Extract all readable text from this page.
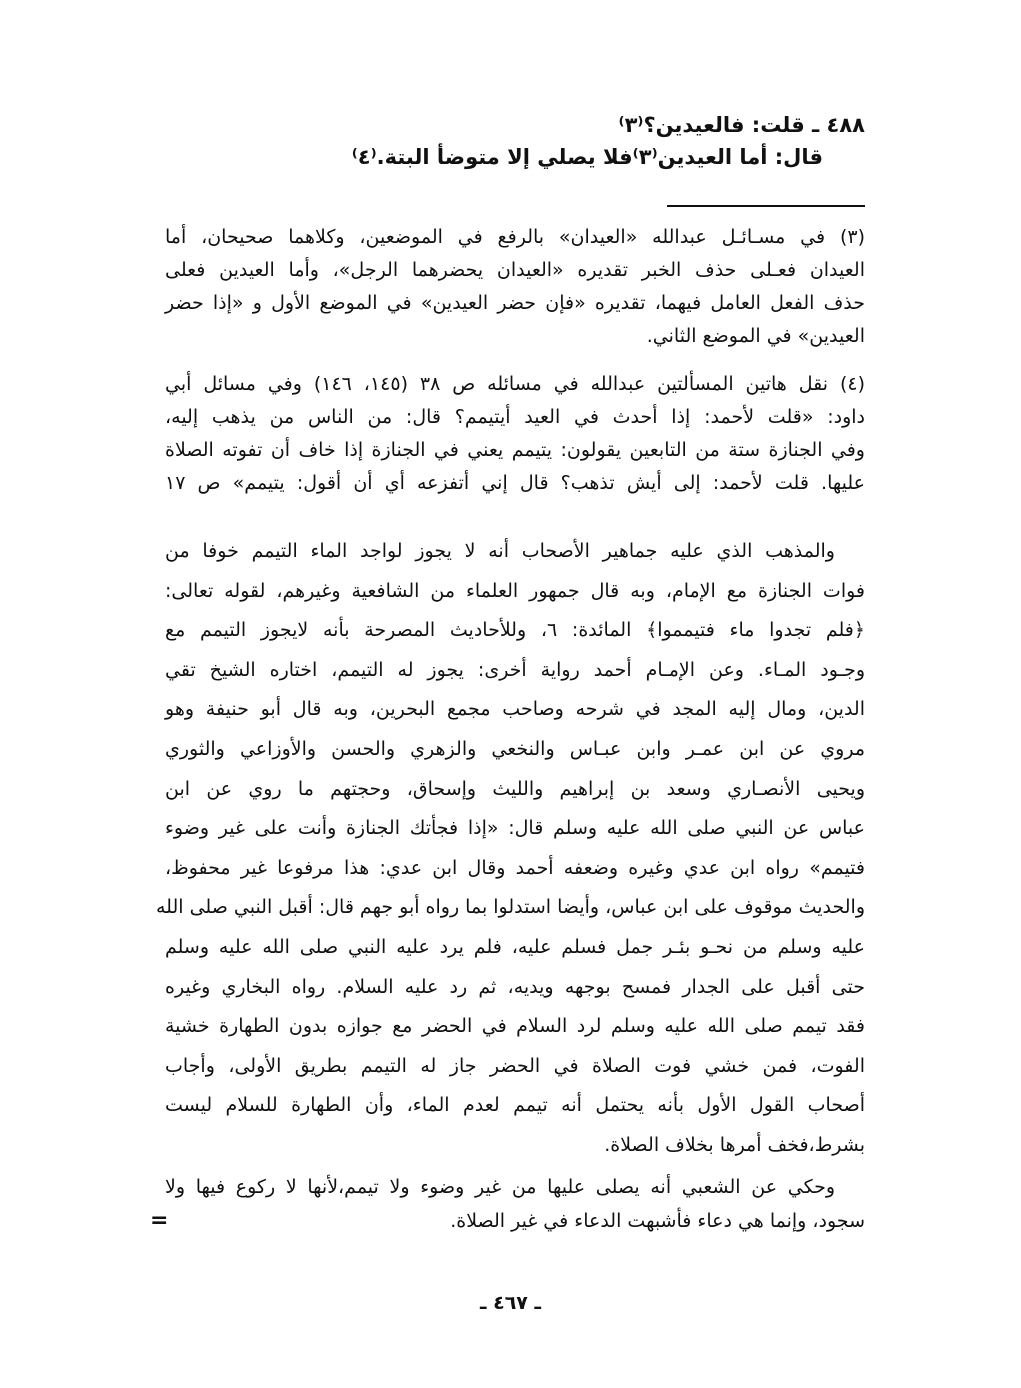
٤٨٨ ـ قلت: فالعيدين؟⁽٣⁾
قال: أما العيدين⁽٣⁾فلا يصلي إلا متوضأ البتة.⁽٤⁾
(٣) في مسـائـل عبدالله «العيدان» بالرفع في الموضعين، وكلاهما صحيحان، أما
العيدان فعـلى حذف الخبر تقديره «العيدان يحضرهما الرجل»، وأما العيدين فعلى
حذف الفعل العامل فيهما، تقديره «فإن حضر العيدين» في الموضع الأول و «إذا حضر
العيدين» في الموضع الثاني.
(٤) نقل هاتين المسألتين عبدالله في مسائله ص ٣٨ (١٤٥، ١٤٦) وفي مسائل أبي
داود: «قلت لأحمد: إذا أحدث في العيد أيتيمم؟ قال: من الناس من يذهب إليه،
وفي الجنازة ستة من التابعين يقولون: يتيمم يعني في الجنازة إذا خاف أن تفوته الصلاة
عليها. قلت لأحمد: إلى أيش تذهب؟ قال إني أتفزعه أي أن أقول: يتيمم» ص ١٧
والمذهب الذي عليه جماهير الأصحاب أنه لا يجوز لواجد الماء التيمم خوفا من
فوات الجنازة مع الإمام، وبه قال جمهور العلماء من الشافعية وغيرهم، لقوله تعالى:
﴿فلم تجدوا ماء فتيمموا﴾ المائدة: ٦، وللأحاديث المصرحة بأنه لايجوز التيمم مع
وجـود المـاء. وعن الإمـام أحمد رواية أخرى: يجوز له التيمم، اختاره الشيخ تقي
الدين، ومال إليه المجد في شرحه وصاحب مجمع البحرين، وبه قال أبو حنيفة وهو
مروي عن ابن عمـر وابن عبـاس والنخعي والزهري والحسن والأوزاعي والثوري
ويحيى الأنصـاري وسعد بن إبراهيم والليث وإسحاق، وحجتهم ما روي عن ابن
عباس عن النبي صلى الله عليه وسلم قال: «إذا فجأتك الجنازة وأنت على غير وضوء
فتيمم» رواه ابن عدي وغيره وضعفه أحمد وقال ابن عدي: هذا مرفوعا غير محفوظ،
والحديث موقوف على ابن عباس، وأيضا استدلوا بما رواه أبو جهم قال: أقبل النبي صلى الله
عليه وسلم من نحـو بئـر جمل فسلم عليه، فلم يرد عليه النبي صلى الله عليه وسلم
حتى أقبل على الجدار فمسح بوجهه ويديه، ثم رد عليه السلام. رواه البخاري وغيره
فقد تيمم صلى الله عليه وسلم لرد السلام في الحضر مع جوازه بدون الطهارة خشية
الفوت، فمن خشي فوت الصلاة في الحضر جاز له التيمم بطريق الأولى، وأجاب
أصحاب القول الأول بأنه يحتمل أنه تيمم لعدم الماء، وأن الطهارة للسلام ليست
بشرط،فخف أمرها بخلاف الصلاة.
وحكي عن الشعبي أنه يصلى عليها من غير وضوء ولا تيمم،لأنها لا ركوع فيها ولا
سجود، وإنما هي دعاء فأشبهت الدعاء في غير الصلاة.
=
ـ ٤٦٧ ـ
